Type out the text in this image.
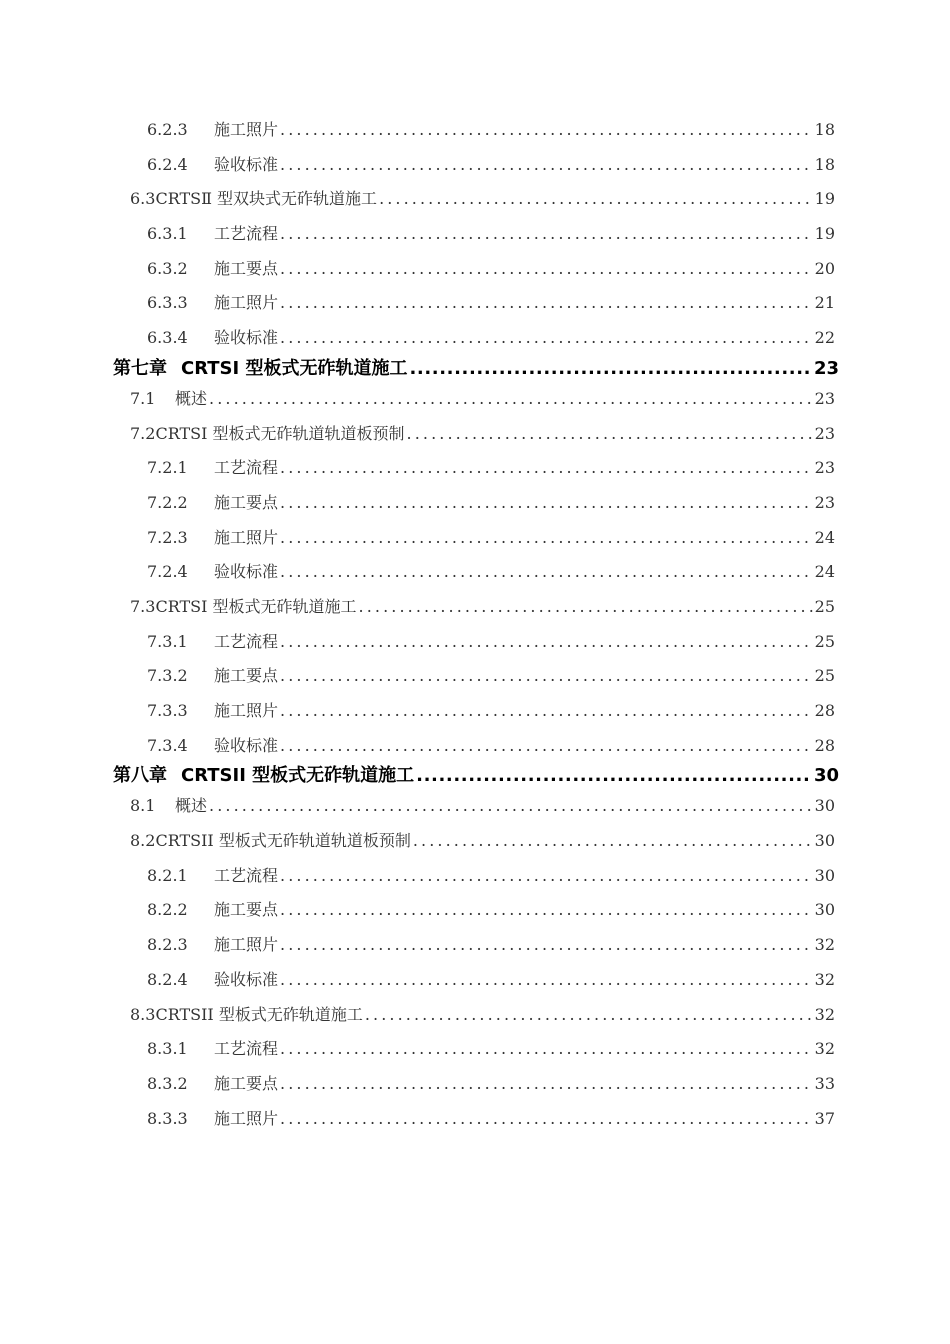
6.2.3	施工照片 .....	18
6.2.4	验收标准 .....	18
6.3 CRTSⅡ 型双块式无砟轨道施工 .....	19
6.3.1	工艺流程 .....	19
6.3.2	施工要点 .....	20
6.3.3	施工照片 .....	21
6.3.4	验收标准 .....	22
第七章 CRTSI 型板式无砟轨道施工 .....	23
7.1	概述 .....	23
7.2 CRTSⅠ 型板式无砟轨道轨道板预制 .....	23
7.2.1	工艺流程 .....	23
7.2.2	施工要点 .....	23
7.2.3	施工照片 .....	24
7.2.4	验收标准 .....	24
7.3 CRTSⅠ 型板式无砟轨道施工 .....	25
7.3.1	工艺流程 .....	25
7.3.2	施工要点 .....	25
7.3.3	施工照片 .....	28
7.3.4	验收标准 .....	28
第八章 CRTSII 型板式无砟轨道施工 .....	30
8.1	概述 .....	30
8.2 CRTSII 型板式无砟轨道轨道板预制 .....	30
8.2.1	工艺流程 .....	30
8.2.2	施工要点 .....	30
8.2.3	施工照片 .....	32
8.2.4	验收标准 .....	32
8.3 CRTSII 型板式无砟轨道施工 .....	32
8.3.1	工艺流程 .....	32
8.3.2	施工要点 .....	33
8.3.3	施工照片 .....	37
